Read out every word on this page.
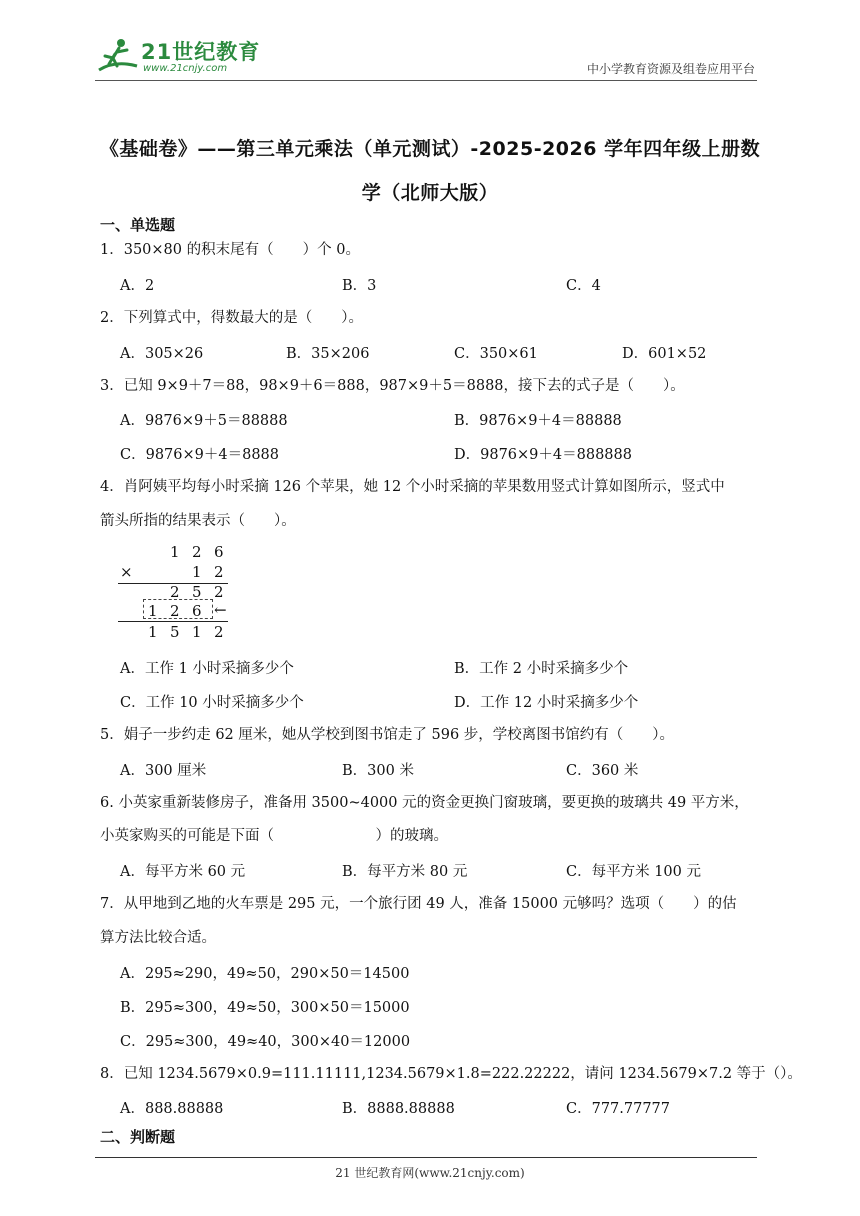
21世纪教育
www.21cnjy.com	中小学教育资源及组卷应用平台
《基础卷》——第三单元乘法（单元测试）-2025-2026 学年四年级上册数
学（北师大版）
一、单选题
1．350×80 的积末尾有（　　）个 0。
A．2	B．3	C．4
2．下列算式中，得数最大的是（　　）。
A．305×26	B．35×206	C．350×61	D．601×52
3．已知 9×9＋7＝88，98×9＋6＝888，987×9＋5＝8888，接下去的式子是（　　）。
A．9876×9＋5＝88888	B．9876×9＋4＝88888
C．9876×9＋4＝8888	D．9876×9＋4＝888888
4．肖阿姨平均每小时采摘 126 个苹果，她 12 个小时采摘的苹果数用竖式计算如图所示，竖式中
箭头所指的结果表示（　　）。
1 2 6
×	1 2
2 5 2
1 2 6 ←
1 5 1 2
A．工作 1 小时采摘多少个	B．工作 2 小时采摘多少个
C．工作 10 小时采摘多少个	D．工作 12 小时采摘多少个
5．娟子一步约走 62 厘米，她从学校到图书馆走了 596 步，学校离图书馆约有（　　）。
A．300 厘米	B．300 米	C．360 米
6. 小英家重新装修房子，准备用 3500~4000 元的资金更换门窗玻璃，要更换的玻璃共 49 平方米，
小英家购买的可能是下面（　　　　　　　）的玻璃。
A．每平方米 60 元	B．每平方米 80 元	C．每平方米 100 元
7．从甲地到乙地的火车票是 295 元，一个旅行团 49 人，准备 15000 元够吗？选项（　　）的估
算方法比较合适。
A．295≈290，49≈50，290×50＝14500
B．295≈300，49≈50，300×50＝15000
C．295≈300，49≈40，300×40＝12000
8．已知 1234.5679×0.9=111.11111,1234.5679×1.8=222.22222，请问 1234.5679×7.2 等于（）。
A．888.88888	B．8888.88888	C．777.77777
二、判断题
21 世纪教育网(www.21cnjy.com)
